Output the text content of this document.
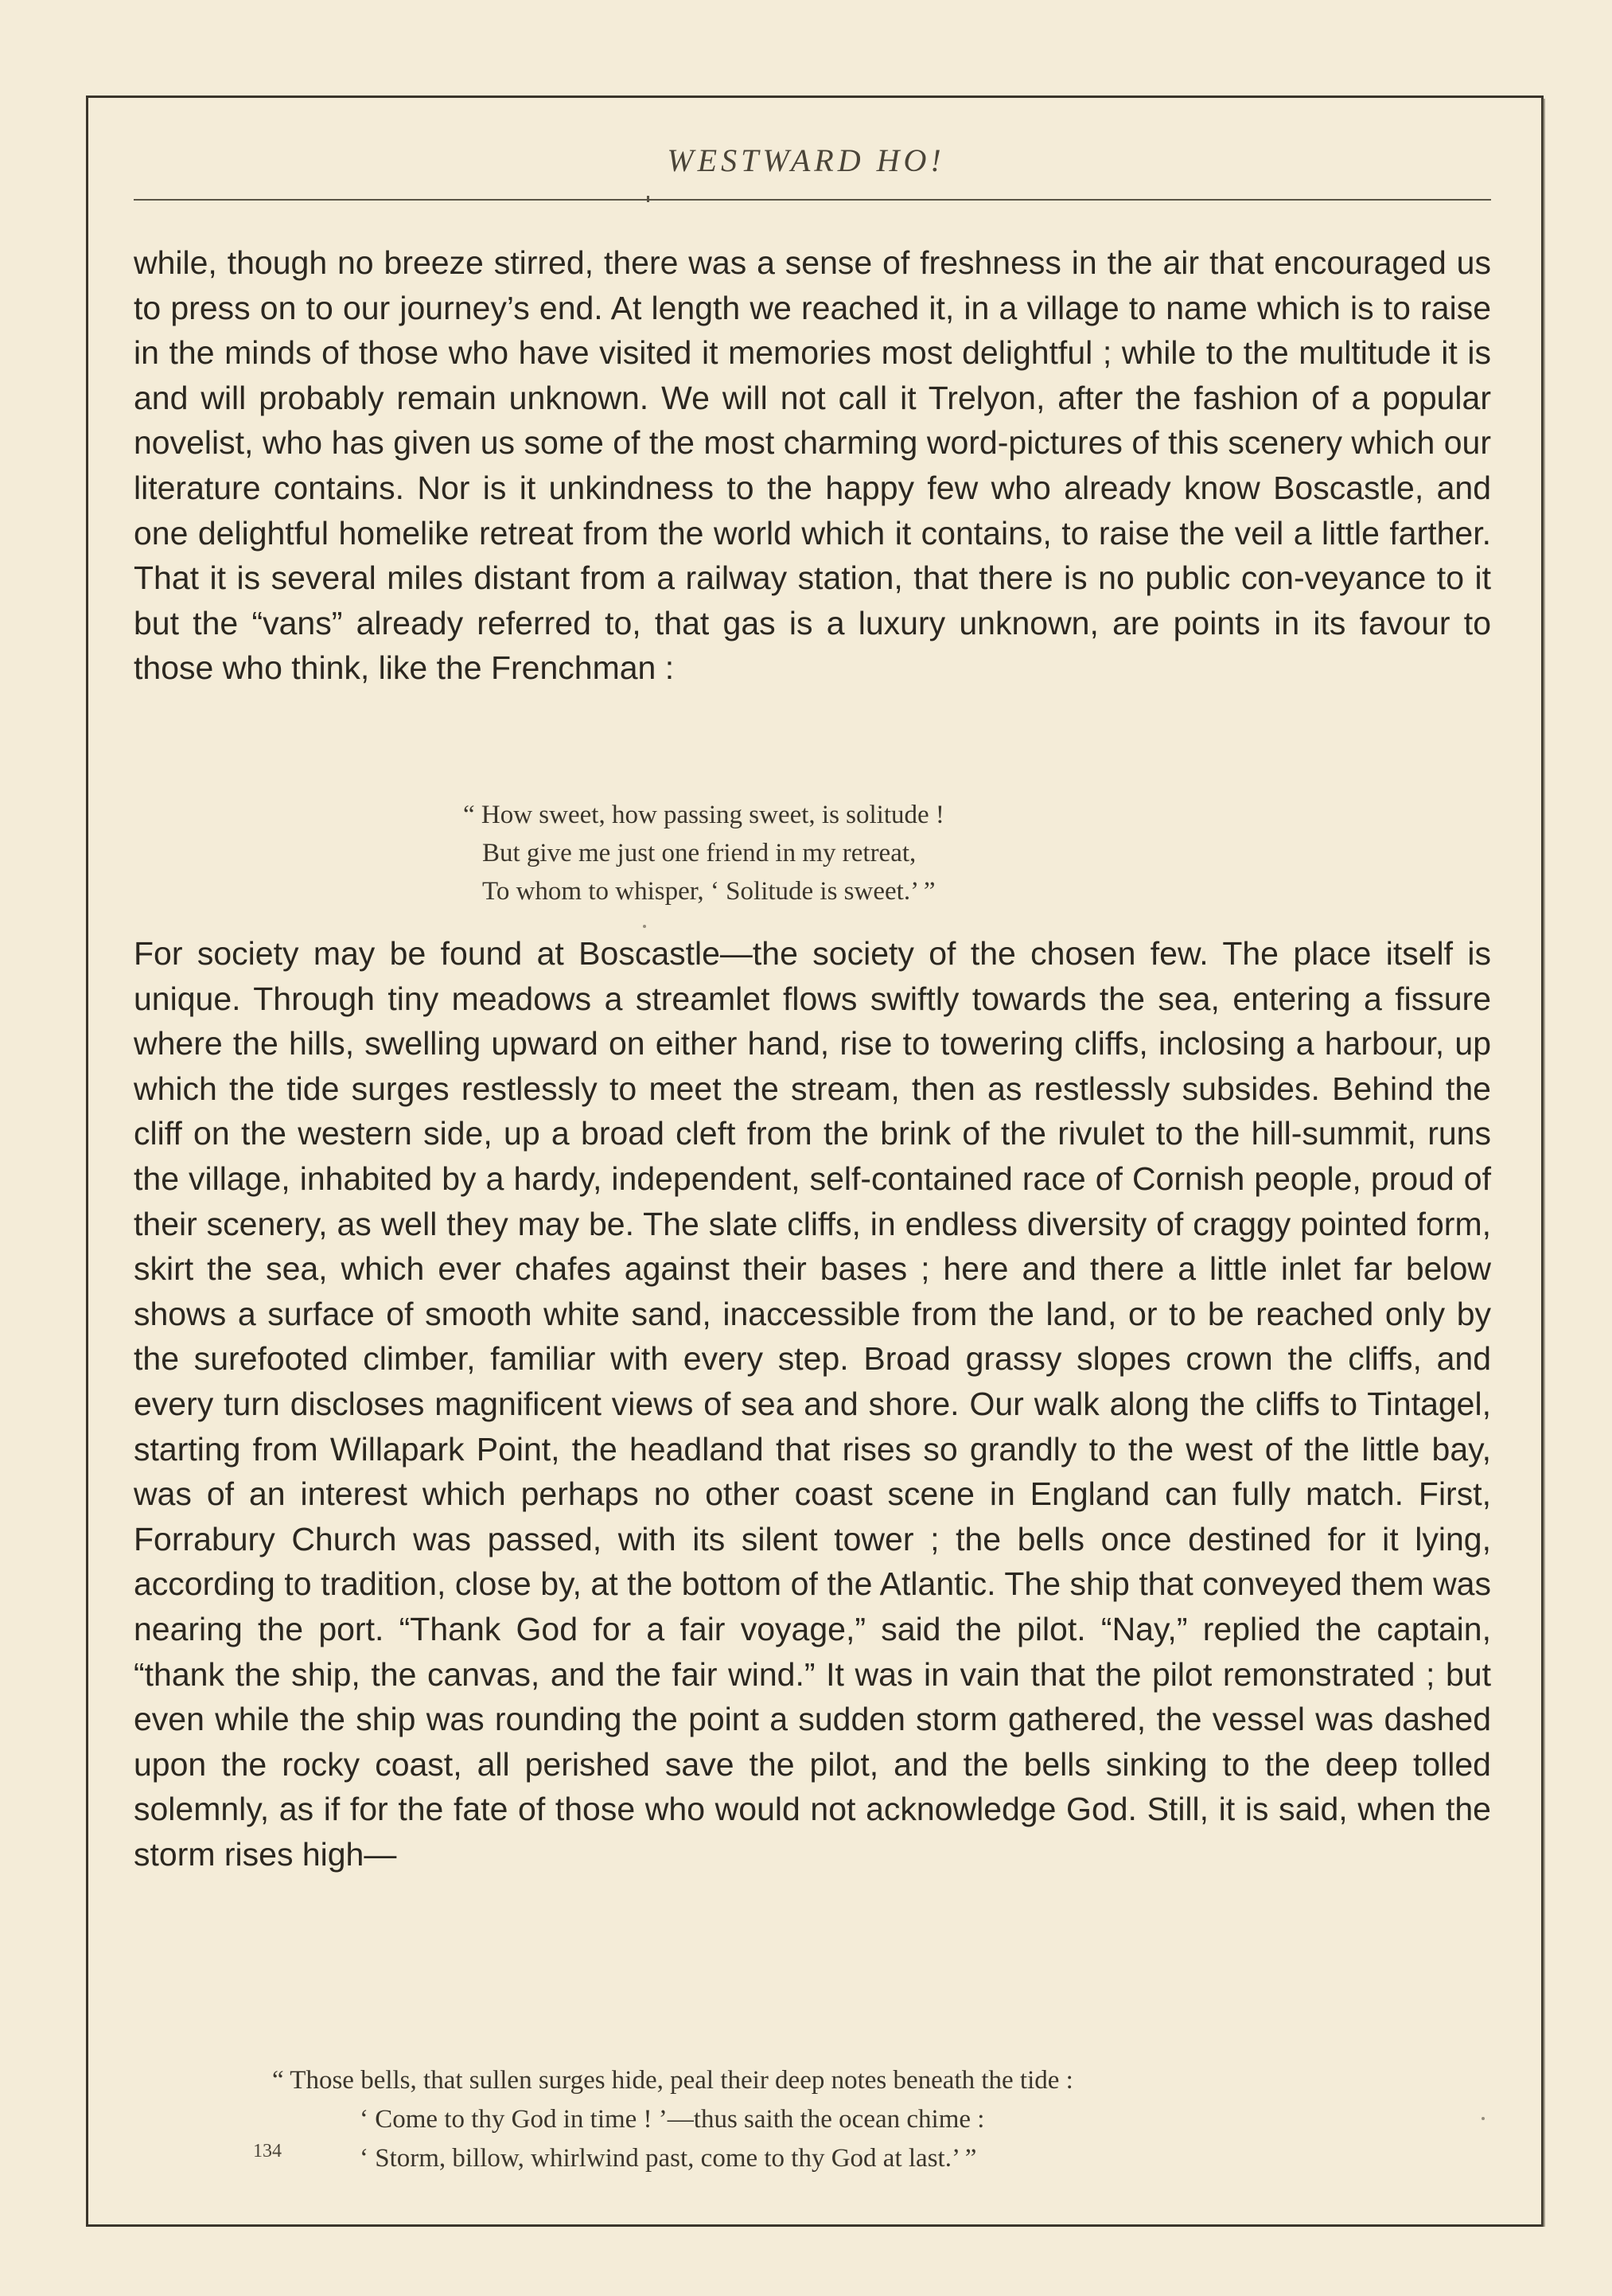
WESTWARD HO!

while, though no breeze stirred, there was a sense of freshness in the air that encouraged us to press on to our journey’s end. At length we reached it, in a village to name which is to raise in the minds of those who have visited it memories most delightful ; while to the multitude it is and will probably remain unknown. We will not call it Trelyon, after the fashion of a popular novelist, who has given us some of the most charming word-pictures of this scenery which our literature contains. Nor is it unkindness to the happy few who already know Boscastle, and one delightful homelike retreat from the world which it contains, to raise the veil a little farther. That it is several miles distant from a railway station, that there is no public con-veyance to it but the “vans” already referred to, that gas is a luxury unknown, are points in its favour to those who think, like the Frenchman :

“ How sweet, how passing sweet, is solitude !
But give me just one friend in my retreat,
To whom to whisper, ‘ Solitude is sweet.’ ”

For society may be found at Boscastle—the society of the chosen few. The place itself is unique. Through tiny meadows a streamlet flows swiftly towards the sea, entering a fissure where the hills, swelling upward on either hand, rise to towering cliffs, inclosing a harbour, up which the tide surges restlessly to meet the stream, then as restlessly subsides. Behind the cliff on the western side, up a broad cleft from the brink of the rivulet to the hill-summit, runs the village, inhabited by a hardy, independent, self-contained race of Cornish people, proud of their scenery, as well they may be. The slate cliffs, in endless diversity of craggy pointed form, skirt the sea, which ever chafes against their bases ; here and there a little inlet far below shows a surface of smooth white sand, inaccessible from the land, or to be reached only by the surefooted climber, familiar with every step. Broad grassy slopes crown the cliffs, and every turn discloses magnificent views of sea and shore. Our walk along the cliffs to Tintagel, starting from Willapark Point, the headland that rises so grandly to the west of the little bay, was of an interest which perhaps no other coast scene in England can fully match. First, Forrabury Church was passed, with its silent tower ; the bells once destined for it lying, according to tradition, close by, at the bottom of the Atlantic. The ship that conveyed them was nearing the port. “Thank God for a fair voyage,” said the pilot. “Nay,” replied the captain, “thank the ship, the canvas, and the fair wind.” It was in vain that the pilot remonstrated ; but even while the ship was rounding the point a sudden storm gathered, the vessel was dashed upon the rocky coast, all perished save the pilot, and the bells sinking to the deep tolled solemnly, as if for the fate of those who would not acknowledge God. Still, it is said, when the storm rises high—

“ Those bells, that sullen surges hide, peal their deep notes beneath the tide :
‘ Come to thy God in time ! ’—thus saith the ocean chime :
‘ Storm, billow, whirlwind past, come to thy God at last.’ ”
134
